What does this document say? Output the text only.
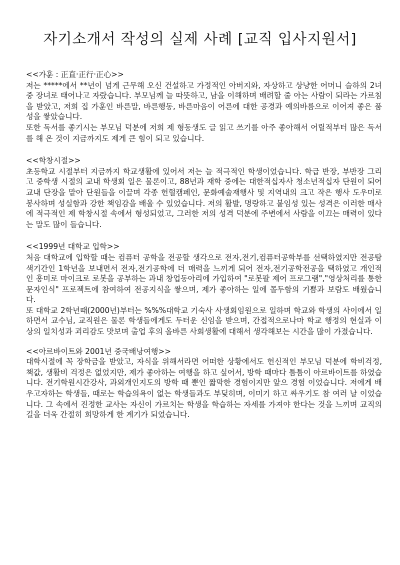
자기소개서 작성의 실제 사례 [교직 입사지원서]

<<가훈 : 正直·正行·正心>>

저는 *****에서 **년이 넘게 근무해 오신 건설하고 가정적인 아버지와, 자상하고 상냥한 어머니 슬하의 2녀 중 장녀로 태어나고 자랐습니다. 부모님께 늘 따뜻하고, 남을 이해하며 배려할 줄 아는 사람이 되라는 가르침을 받았고, 저희 집 가훈인 바른말, 바른행동, 바른마음이 어른에 대한 공경과 예의바름으로 이어져 좋은 품성을 쌓았습니다.

또한 독서를 좋기시는 부모님 덕분에 저희 제 형동생도 글 읽고 쓰기를 아주 좋아해서 어릴적부터 많은 독서를 해 온 것이 지금까지도 제게 큰 힘이 되고 있습니다.

<<학창시절>>

초등학교 시절부터 지금까지 학교생활에 있어서 저는 늘 적극적인 학생이었습니다. 학급 반장, 부반장 그리고 중학생 시절의 교내 학생회 일은 물론이고, 88년과 재학 중에는 대한적십자사 청소년적십자 단원이 되어 교내 단장을 맡아 단원들을 이끌며 각종 헌혈캠페인, 문화예술재행사 및 지역내의 크고 작은 행사 도우미로 봉사하며 성실함과 강한 책임감을 배울 수 있었습니다. 저의 활발, 명랑하고 붙임성 있는 성격은 이러한 매사에 적극적인 제 학창시절 속에서 형성되었고, 그러한 저의 성격 덕분에 주변에서 사람을 이끄는 매력이 있다는 말도 많이 들습니다.

<<1999년 대학교 입학>>

처음 대학교에 입학할 때는 컴퓨터 공학을 전공할 생각으로 전자,전기,컴퓨터공학부를 선택하였지만 전공탐색기간인 1학년을 보내면서 전자,전기공학에 더 매력을 느끼게 되어 전자,전기공학전공을 택하였고 개인적인 흥미로 마이크로 로봇을 공부하는 과내 창업동아리에 가입하여 "로봇팔 제어 프로그램","영상처리를 통한 문자인식" 프로젝트에 참여하여 전공지식을 쌓으며, 제가 좋아하는 일에 몰두함의 기쁨과 보람도 배웠습니다.

또 대학교 2학년때(2000년)부터는 %%%대학교 기숙사 사생회임원으로 일하며 학교와 학생의 사이에서 일하면서 교수님, 교직원은 물론 학생들에게도 두터운 신임을 받으며, 간접적으로나마 학교 행정의 현실과 이상의 일치성과 괴리감도 맛보며 출업 후의 올바른 사회생활에 대해서 생각해보는 시간을 많이 가졌습니다.

<<아르바이트와 2001년 중국배낭여행>>

대학시절에 꼭 장학금을 받았고, 자식을 위해서라면 어떠한 상황에서도 헌신적인 부모님 덕분에 학비걱정, 책값, 생활비 걱정은 없었지만, 제가 좋아하는 여행을 하고 싶어서, 방학 때마다 틈틈이 아르바이트를 하였습니다. 전기학원시간강사, 과외개인지도의 방학 때 뿐인 짧막한 경험이지만 앞으 경험 이었습니다. 저에게 배우고자하는 학생들, 때로는 학습의욕이 없는 학생들과도 부딪히며, 이미기 하고 싸우기도 참 여러 날 이었습니다. 그 속에서 진정한 교사는 자신이 가르치는 학생을 학습하는 자세를 가져야 한다는 것을 느끼며 교직의 길을 더욱 간절히 희망하게 한 계기가 되었습니다.
